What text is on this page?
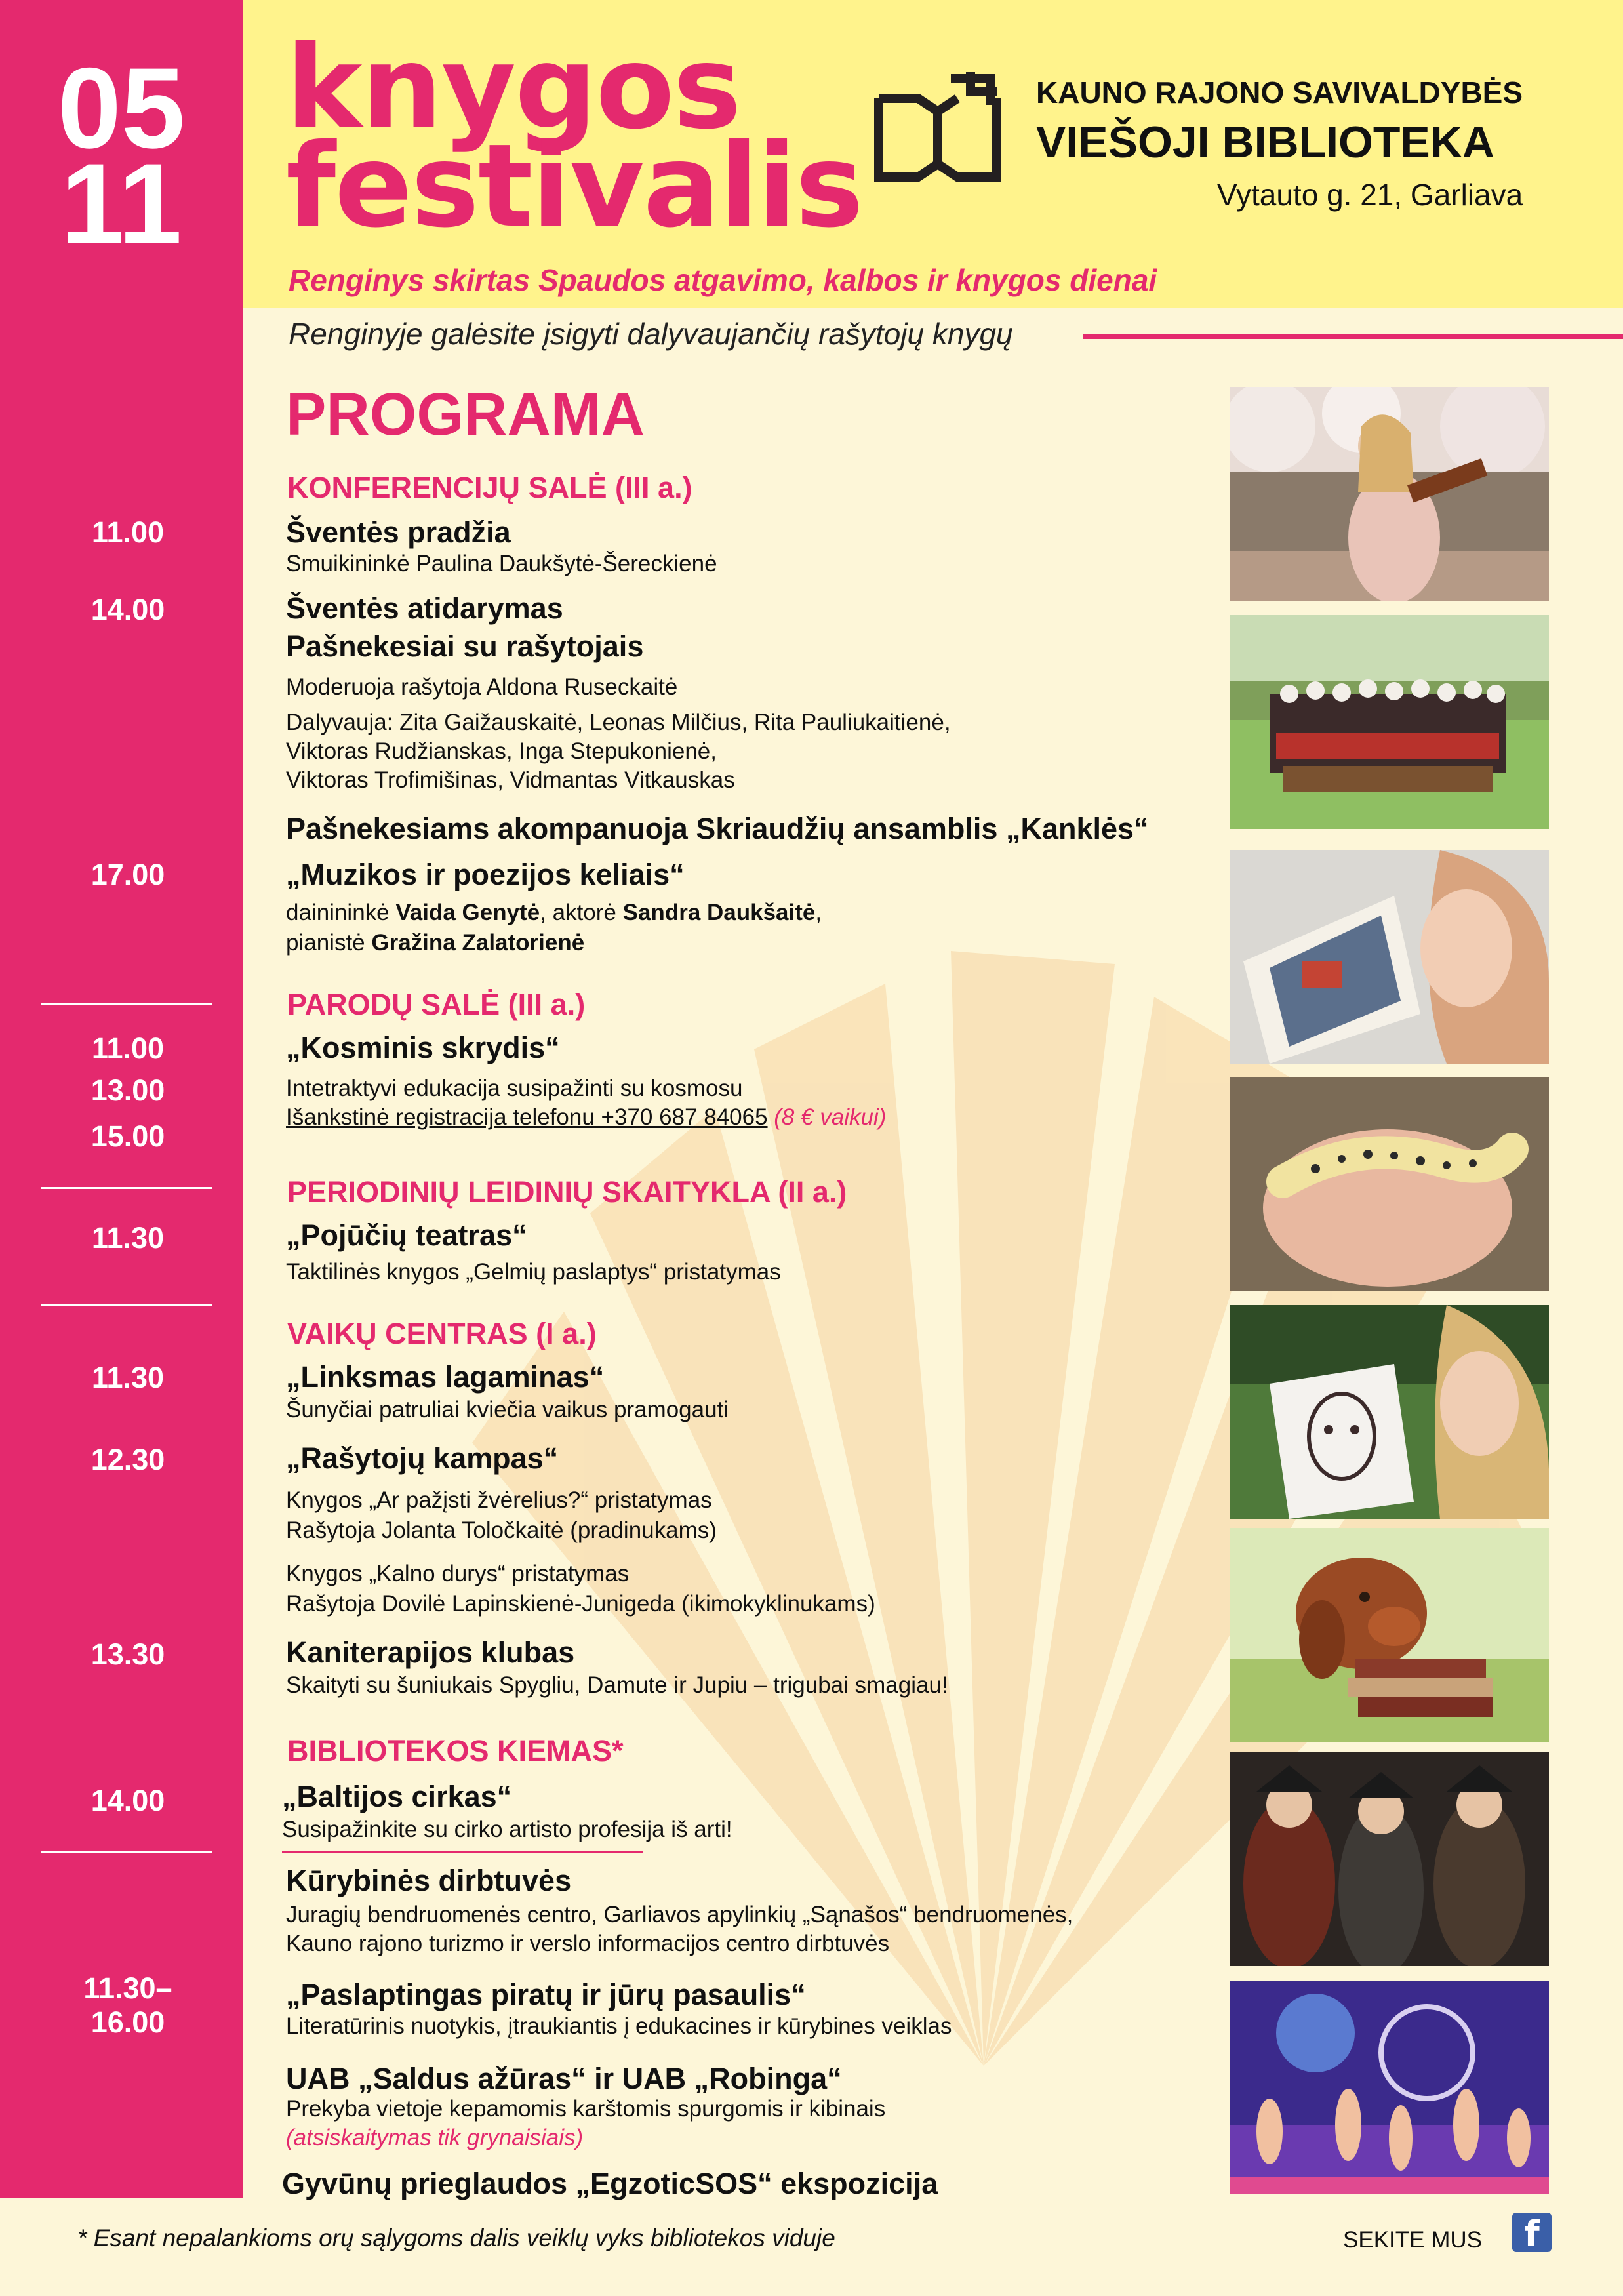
05
11
knygos
festivalis
KAUNO RAJONO SAVIVALDYBĖS
VIEŠOJI BIBLIOTEKA
Vytauto g. 21, Garliava
Renginys skirtas Spaudos atgavimo, kalbos ir knygos dienai
Renginyje galėsite įsigyti dalyvaujančių rašytojų knygų
PROGRAMA
11.00
14.00
17.00
11.00
13.00
15.00
11.30
11.30
12.30
13.30
14.00
11.30–
16.00
KONFERENCIJŲ SALĖ (III a.)
Šventės pradžia
Smuikininkė Paulina Daukšytė-Šereckienė
Šventės atidarymas
Pašnekesiai su rašytojais
Moderuoja rašytoja Aldona Ruseckaitė
Dalyvauja: Zita Gaižauskaitė, Leonas Milčius, Rita Pauliukaitienė,
Viktoras Rudžianskas, Inga Stepukonienė,
Viktoras Trofimišinas, Vidmantas Vitkauskas
Pašnekesiams akompanuoja Skriaudžių ansamblis „Kanklės“
„Muzikos ir poezijos keliais“
dainininkė Vaida Genytė, aktorė Sandra Daukšaitė,
pianistė Gražina Zalatorienė
PARODŲ SALĖ (III a.)
„Kosminis skrydis“
Intetraktyvi edukacija susipažinti su kosmosu
Išankstinė registracija telefonu +370 687 84065 (8 € vaikui)
PERIODINIŲ LEIDINIŲ SKAITYKLA (II a.)
„Pojūčių teatras“
Taktilinės knygos „Gelmių paslaptys“ pristatymas
VAIKŲ CENTRAS (I a.)
„Linksmas lagaminas“
Šunyčiai patruliai kviečia vaikus pramogauti
„Rašytojų kampas“
Knygos „Ar pažįsti žvėrelius?“ pristatymas
Rašytoja Jolanta Toločkaitė (pradinukams)
Knygos „Kalno durys“ pristatymas
Rašytoja Dovilė Lapinskienė-Junigeda (ikimokyklinukams)
Kaniterapijos klubas
Skaityti su šuniukais Spygliu, Damute ir Jupiu – trigubai smagiau!
BIBLIOTEKOS KIEMAS*
„Baltijos cirkas“
Susipažinkite su cirko artisto profesija iš arti!
Kūrybinės dirbtuvės
Juragių bendruomenės centro, Garliavos apylinkių „Sąnašos“ bendruomenės,
Kauno rajono turizmo ir verslo informacijos centro dirbtuvės
„Paslaptingas piratų ir jūrų pasaulis“
Literatūrinis nuotykis, įtraukiantis į edukacines ir kūrybines veiklas
UAB „Saldus ažūras“ ir UAB „Robinga“
Prekyba vietoje kepamomis karštomis spurgomis ir kibinais
(atsiskaitymas tik grynaisiais)
Gyvūnų prieglaudos „EgzoticSOS“ ekspozicija
* Esant nepalankioms orų sąlygoms dalis veiklų vyks bibliotekos viduje	SEKITE MUS	f
